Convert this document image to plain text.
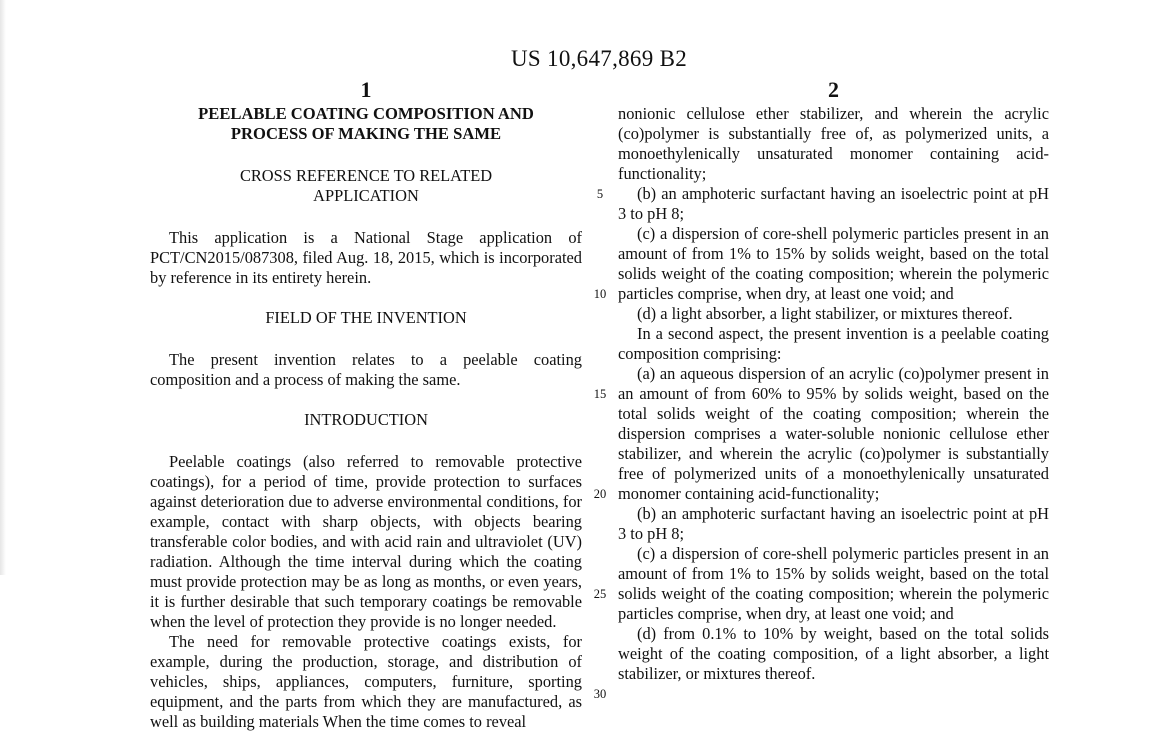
US 10,647,869 B2
1	2

PEELABLE COATING COMPOSITION AND PROCESS OF MAKING THE SAME

CROSS REFERENCE TO RELATED APPLICATION

This application is a National Stage application of PCT/CN2015/087308, filed Aug. 18, 2015, which is incorporated by reference in its entirety herein.

FIELD OF THE INVENTION

The present invention relates to a peelable coating composition and a process of making the same.

INTRODUCTION

Peelable coatings (also referred to removable protective coatings), for a period of time, provide protection to surfaces against deterioration due to adverse environmental conditions, for example, contact with sharp objects, with objects bearing transferable color bodies, and with acid rain and ultraviolet (UV) radiation. Although the time interval during which the coating must provide protection may be as long as months, or even years, it is further desirable that such temporary coatings be removable when the level of protection they provide is no longer needed.

The need for removable protective coatings exists, for example, during the production, storage, and distribution of vehicles, ships, appliances, computers, furniture, sporting equipment, and the parts from which they are manufactured, as well as building materials When the time comes to reveal

5
10
15
20
25
30

nonionic cellulose ether stabilizer, and wherein the acrylic (co)polymer is substantially free of, as polymerized units, a monoethylenically unsaturated monomer containing acid-functionality;

(b) an amphoteric surfactant having an isoelectric point at pH 3 to pH 8;

(c) a dispersion of core-shell polymeric particles present in an amount of from 1% to 15% by solids weight, based on the total solids weight of the coating composition; wherein the polymeric particles comprise, when dry, at least one void; and

(d) a light absorber, a light stabilizer, or mixtures thereof.

In a second aspect, the present invention is a peelable coating composition comprising:

(a) an aqueous dispersion of an acrylic (co)polymer present in an amount of from 60% to 95% by solids weight, based on the total solids weight of the coating composition; wherein the dispersion comprises a water-soluble nonionic cellulose ether stabilizer, and wherein the acrylic (co)polymer is substantially free of polymerized units of a monoethylenically unsaturated monomer containing acid-functionality;

(b) an amphoteric surfactant having an isoelectric point at pH 3 to pH 8;

(c) a dispersion of core-shell polymeric particles present in an amount of from 1% to 15% by solids weight, based on the total solids weight of the coating composition; wherein the polymeric particles comprise, when dry, at least one void; and

(d) from 0.1% to 10% by weight, based on the total solids weight of the coating composition, of a light absorber, a light stabilizer, or mixtures thereof.
